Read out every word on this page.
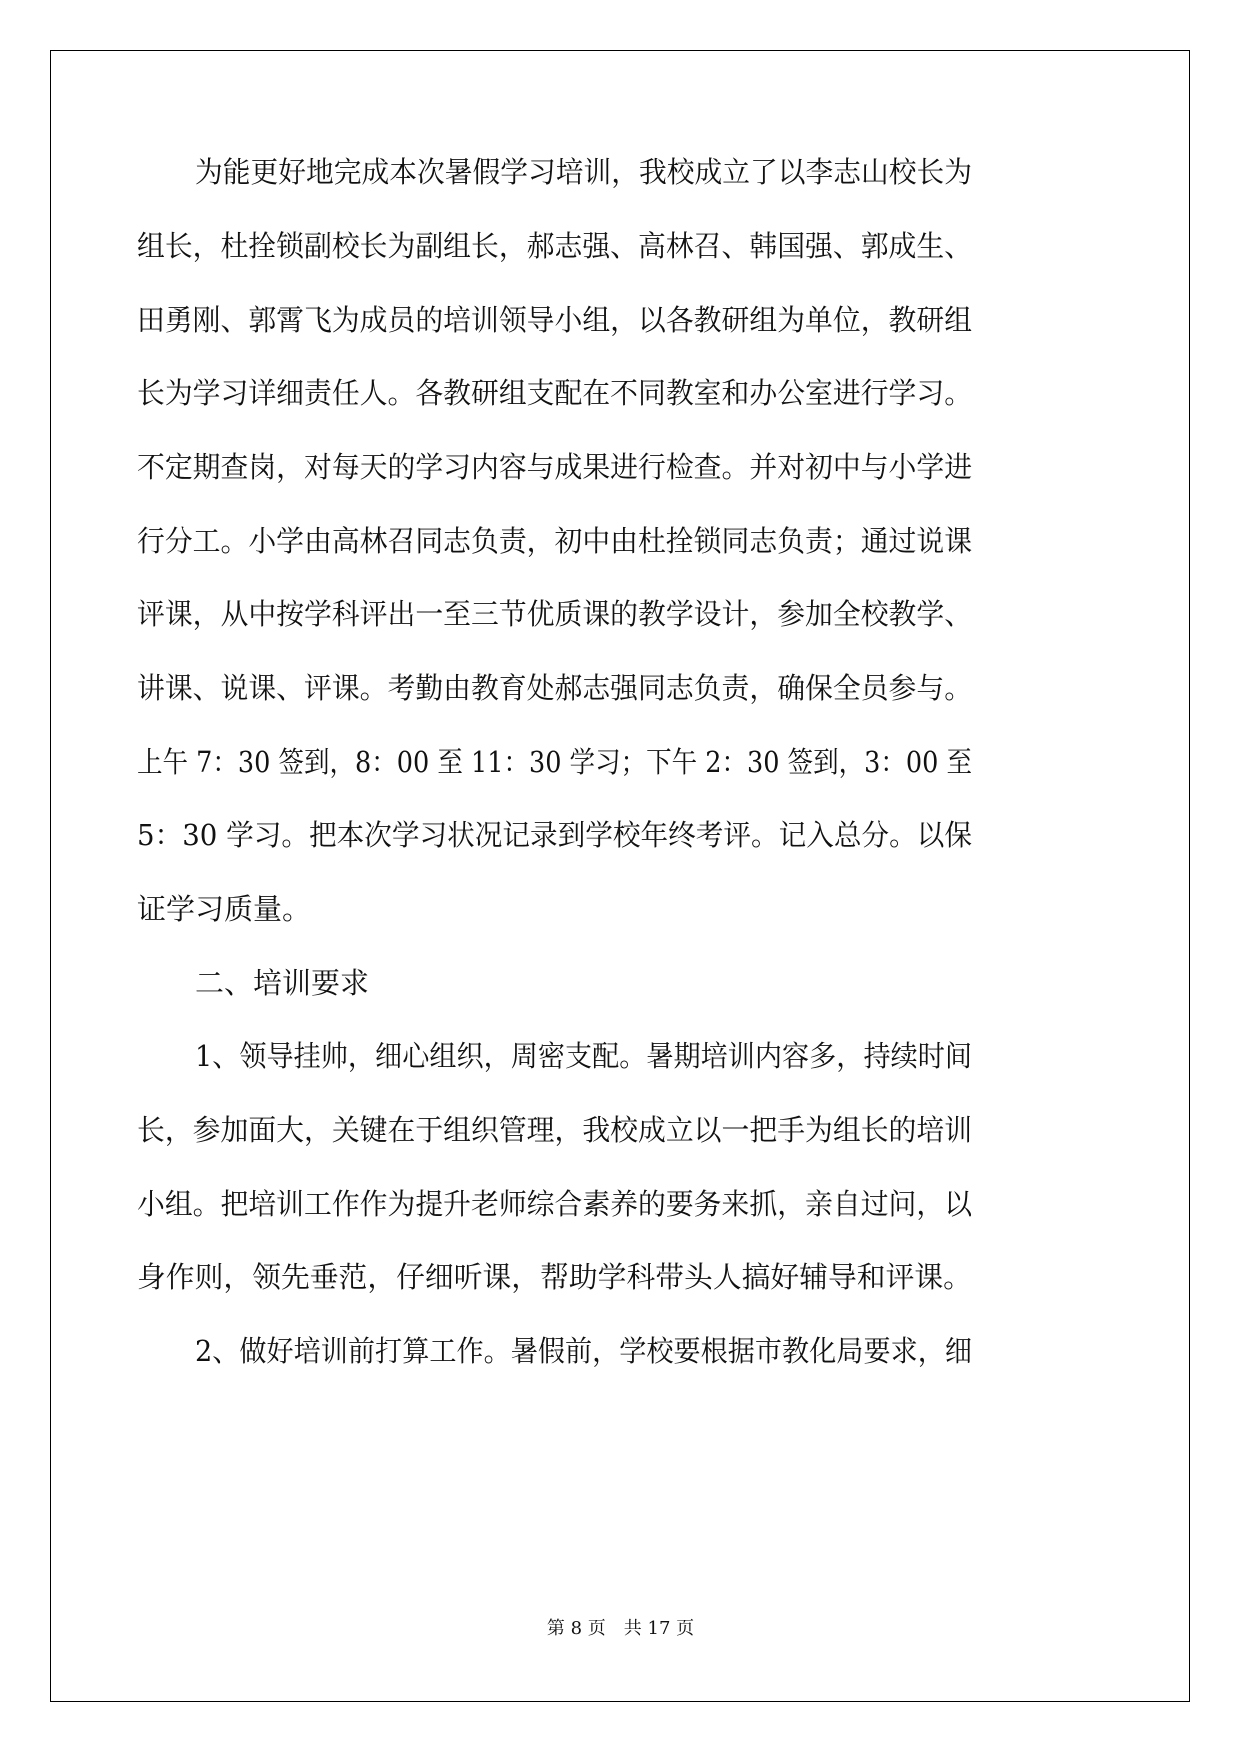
为能更好地完成本次暑假学习培训，我校成立了以李志山校长为
组长，杜拴锁副校长为副组长，郝志强、高林召、韩国强、郭成生、
田勇刚、郭霄飞为成员的培训领导小组，以各教研组为单位，教研组
长为学习详细责任人。各教研组支配在不同教室和办公室进行学习。
不定期查岗，对每天的学习内容与成果进行检查。并对初中与小学进
行分工。小学由高林召同志负责，初中由杜拴锁同志负责；通过说课
评课，从中按学科评出一至三节优质课的教学设计，参加全校教学、
讲课、说课、评课。考勤由教育处郝志强同志负责，确保全员参与。
上午 7：30 签到，8：00 至 11：30 学习；下午 2：30 签到，3：00 至
5：30 学习。把本次学习状况记录到学校年终考评。记入总分。以保
证学习质量。
二、培训要求
1、领导挂帅，细心组织，周密支配。暑期培训内容多，持续时间
长，参加面大，关键在于组织管理，我校成立以一把手为组长的培训
小组。把培训工作作为提升老师综合素养的要务来抓，亲自过问，以
身作则，领先垂范，仔细听课，帮助学科带头人搞好辅导和评课。
2、做好培训前打算工作。暑假前，学校要根据市教化局要求，细
第 8 页 共 17 页
